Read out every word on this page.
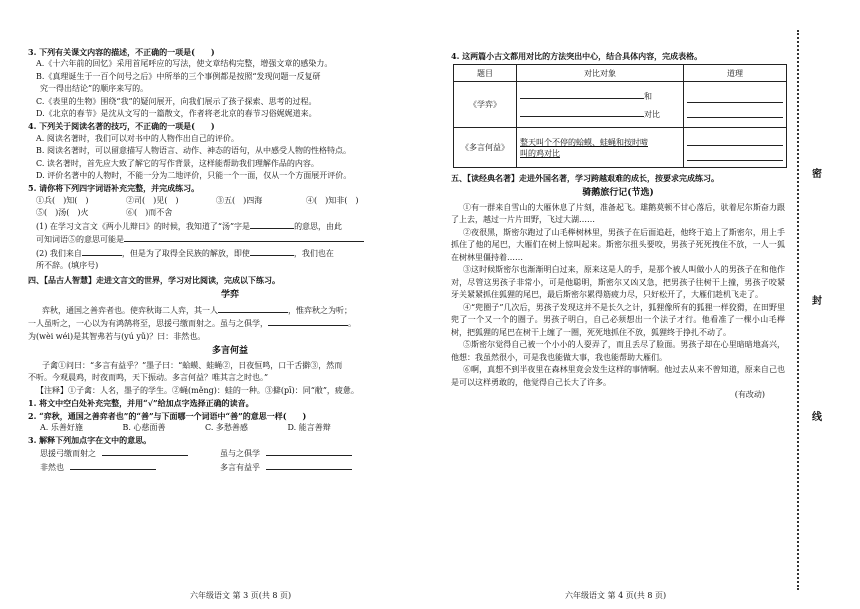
3. 下列有关课文内容的描述，不正确的一项是(　　)

A.《十六年前的回忆》采用首尾呼应的写法，使文章结构完整，增强文章的感染力。

B.《真理诞生于一百个问号之后》中所举的三个事例都是按照“发现问题一反复研

究一得出结论”的顺序来写的。

C.《表里的生物》围绕“我”的疑问展开，向我们展示了孩子探索、思考的过程。

D.《北京的春节》是沈从文写的一篇散文，作者将老北京的春节习俗娓娓道来。

4. 下列关于阅读名著的技巧，不正确的一项是(　　)

A. 阅读名著时，我们可以对书中的人物作出自己的评价。

B. 阅读名著时，可以留意描写人物语言、动作、神态的语句，从中感受人物的性格特点。

C. 读名著时，首先应大致了解它的写作背景，这样能帮助我们理解作品的内容。

D. 评价名著中的人物时，不能一分为二地评价，只能一个一面，仅从一个方面展开评价。

5. 请你将下列四字词语补充完整，并完成练习。

①兵(　)知(　)	②司(　)见(　)	③五(　)四海	④(　)知非(　)
⑤(　)汤(　)火	⑥(　)而不舍

(1) 在学习文言文《两小儿辩日》的时候，我知道了“汤”字是	的意思，由此

可知词语⑤的意思可能是

(2) 我们来自	，但是为了取得全民族的解放，即使	，我们也在

所不辞。(填序号)

四、【品古人智慧】走进文言文的世界，学习对比阅读，完成以下练习。

学弈

弈秋，通国之善弈者也。使弈秋诲二人弈，其一人	，惟弈秋之为听；

一人虽听之，一心以为有鸿鹄将至，思援弓缴而射之。虽与之俱学，	。

为(wèi wéi)是其智弗若与(yú yǔ)？曰：非然也。

多言何益

子禽①问曰：“多言有益乎？”墨子曰：“蛤蟆、蛙蝇②，日夜恒鸣，口干舌擗③，然而

不听。今观晨鸡，时夜而鸣，天下振动。多言何益？唯其言之时也。”

【注释】①子禽：人名，墨子的学生。②蝇(měng)：蛙的一种。③擗(pī)：同“敝”，疲惫。

1. 将文中空白处补充完整，并用“√”给加点字选择正确的读音。

2. “弈秋，通国之善弈者也”的“善”与下面哪一个词语中“善”的意思一样(　　)

A. 乐善好施	B. 心慈面善	C. 多愁善感	D. 能言善辩

3. 解释下列加点字在文中的意思。

思援弓缴而射之	虽与之俱学
非然也	多言有益乎
六年级语文 第 3 页(共 8 页)

4. 这两篇小古文都用对比的方法突出中心，结合具体内容，完成表格。

题目	对比对象	道理
《学弈》	和
对比	

《多言何益》	整天叫个不停的蛤蟆、蛙蝇和按时啼
叫的鸡对比	

五、【读经典名著】走进外国名著，学习跨越艰难的成长，按要求完成练习。

骑鹅旅行记(节选)

①有一群来自雪山的大雁休息了片刻，准备起飞。雄鹅莫顿不甘心落后，驮着尼尔斯奋力跟了上去，越过一片片田野，飞过大湖……

②夜很黑，斯密尔跑过了山毛榉树林里，男孩子在后面追赶，他终于追上了斯密尔，用上手抓住了他的尾巴，大雁们在树上惊叫起来。斯密尔扭头要咬，男孩子死死拽住不放，一人一狐在树林里僵持着……

③这时候斯密尔也渐渐明白过来，原来这是人的手，是那个被人叫做小人的男孩子在和他作对，尽管这男孩子非常小，可是他聪明，斯密尔又凶又急，把男孩子往树干上撞，男孩子咬紧牙关紧紧抓住狐狸的尾巴，最后斯密尔累得筋疲力尽，只好松开了，大雁们趁机飞走了。

④“兜圈子”几次后，男孩子发现这并不是长久之计，狐狸像所有的狐狸一样狡猾，在田野里兜了一个又一个的圈子。男孩子明白，自己必须想出一个法子才行。他看准了一棵小山毛榉树，把狐狸的尾巴在树干上缠了一圈，死死地抓住不放，狐狸终于挣扎不动了。

⑤斯密尔觉得自己被一个小小的人耍弄了，而且丢尽了脸面。男孩子却在心里暗暗地高兴，他想：我虽然很小，可是我也能做大事，我也能帮助大雁们。

⑥啊，真想不到半夜里在森林里竟会发生这样的事情啊。他过去从来不曾知道，原来自己也是可以这样勇敢的，他觉得自己长大了许多。

(有改动)

六年级语文 第 4 页(共 8 页)
密
封
线
